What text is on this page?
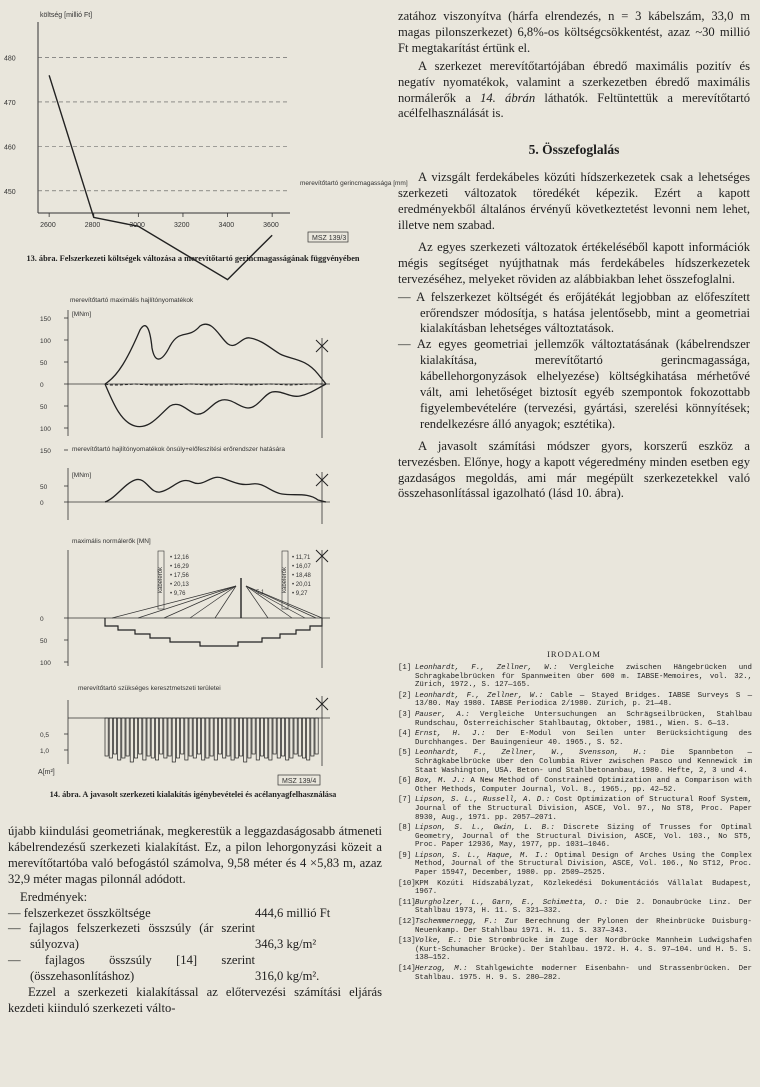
költség [millió Ft]
480
470
460
450
2600	2800	3000	3200	3400	3600
merevítőtartó gerincmagassága [mm]
MSZ 139/3
13. ábra. Felszerkezeti költségek változása a merevítőtartó gerincmagasságának függvényében
merevítőtartó maximális hajlítónyomatékok
[MNm]
150
100
50
0
50
100
150	merevítőtartó hajlítónyomatékok önsúly+előfeszítési erőrendszer hatására
[MNm]
50
0
maximális normálerők [MN]
0
50
100
kábelerők	kábelerők
• 12,16
• 16,29
• 17,56
• 20,13
• 9,76
• 11,71
• 16,07
• 18,48
• 20,01
• 9,27
5,1
merevítőtartó szükséges keresztmetszeti területei
0,5
1,0
A[m²]
MSZ 139/4
14. ábra. A javasolt szerkezeti kialakítás igénybevételei és acélanyagfelhasználása

újabb kiindulási geometriának, megkerestük a leggazdaságosabb átmeneti kábelrendezésű szerkezeti kialakítást. Ez, a pilon lehorgonyzási közeit a merevítőtartóba való befogástól számolva, 9,58 méter és 4 ×5,83 m, azaz 32,9 méter magas pilonnál adódott.

Eredmények:
— felszerkezet összköltsége	444,6 millió Ft
— fajlagos felszerkezeti összsúly (ár szerint súlyozva)	346,3 kg/m²
— fajlagos összsúly [14] szerint (összehasonlításhoz)	316,0 kg/m².

Ezzel a szerkezeti kialakítással az előtervezési számítási eljárás kezdeti kiinduló szerkezeti válto-

zatához viszonyítva (hárfa elrendezés, n = 3 kábelszám, 33,0 m magas pilonszerkezet) 6,8%-os költségcsökkentést, azaz ~30 millió Ft megtakarítást értünk el.

A szerkezet merevítőtartójában ébredő maximális pozitív és negatív nyomatékok, valamint a szerkezetben ébredő maximális normálerők a 14. ábrán láthatók. Feltüntettük a merevítőtartó acélfelhasználását is.

5. Összefoglalás

A vizsgált ferdekábeles közúti hídszerkezetek csak a lehetséges szerkezeti változatok töredékét képezik. Ezért a kapott eredményekből általános érvényű következtetést levonni nem lehet, illetve nem szabad.

Az egyes szerkezeti változatok értékeléséből kapott információk mégis segítséget nyújthatnak más ferdekábeles hídszerkezetek tervezéséhez, melyeket röviden az alábbiakban lehet összefoglalni.

— A felszerkezet költségét és erőjátékát legjobban az előfeszített erőrendszer módosítja, s hatása jelentősebb, mint a geometriai kialakításban lehetséges változtatások.
— Az egyes geometriai jellemzők változtatásának (kábelrendszer kialakítása, merevítőtartó gerincmagassága, kábellehorgonyzások elhelyezése) költségkihatása mérhetővé vált, ami lehetőséget biztosít egyéb szempontok fokozottabb figyelembevételére (tervezési, gyártási, szerelési könnyítések; rendelkezésre álló anyagok; esztétika).

A javasolt számítási módszer gyors, korszerű eszköz a tervezésben. Előnye, hogy a kapott végeredmény minden esetben egy gazdaságos megoldás, ami már megépült szerkezetekkel való összehasonlítással igazolható (lásd 10. ábra).

IRODALOM
[1] Leonhardt, F., Zellner, W.: Vergleiche zwischen Hängebrücken und Schragkabelbrücken für Spannweiten über 600 m. IABSE-Memoires, vol. 32., Zürich, 1972., S. 127—165.
[2] Leonhardt, F., Zellner, W.: Cable — Stayed Bridges. IABSE Surveys S — 13/80. May 1980. IABSE Periodica 2/1980. Zürich, p. 21—48.
[3] Pauser, A.: Vergleiche Untersuchungen an Schrägseilbrücken, Stahlbau Rundschau, Österreichischer Stahlbautag, Oktober, 1981., Wien. S. 6—13.
[4] Ernst, H. J.: Der E-Modul von Seilen unter Berücksichtigung des Durchhanges. Der Bauingenieur 40. 1965., S. 52.
[5] Leonhardt, F., Zellner, W., Svensson, H.: Die Spannbeton — Schrägkabelbrücke über den Columbia River zwischen Pasco und Kennewick im Staat Washington, USA. Beton- und Stahlbetonanbau, 1980. Hefte, 2, 3 und 4.
[6] Box, M. J.: A New Method of Constrained Optimization and a Comparison with Other Methods, Computer Journal, Vol. 8., 1965., pp. 42—52.
[7] Lipson, S. L., Russell, A. D.: Cost Optimization of Structural Roof System, Journal of the Structural Division, ASCE, Vol. 97., No ST8, Proc. Paper 8930, Aug., 1971. pp. 2057—2071.
[8] Lipson, S. L., Gwin, L. B.: Discrete Sizing of Trusses for Optimal Geometry, Journal of the Structural Division, ASCE, Vol. 103., No ST5, Proc. Paper 12936, May, 1977, pp. 1031—1046.
[9] Lipson, S. L., Haque, M. I.: Optimal Design of Arches Using the Complex Method, Journal of the Structural Division, ASCE, Vol. 106., No ST12, Proc. Paper 15947, December, 1980. pp. 2509—2525.
[10] KPM Közúti Hídszabályzat, Közlekedési Dokumentációs Vállalat Budapest, 1967.
[11] Burgholzer, L., Garn, E., Schimetta, O.: Die 2. Donaubrücke Linz. Der Stahlbau 1973, H. 11. S. 321—332.
[12] Tschemmernegg, F.: Zur Berechnung der Pylonen der Rheinbrücke Duisburg-Neuenkamp. Der Stahlbau 1971. H. 11. S. 337—343.
[13] Volke, E.: Die Strombrücke im Zuge der Nordbrücke Mannheim Ludwigshafen (Kurt-Schumacher Brücke). Der Stahlbau. 1972. H. 4. S. 97—104. und H. 5. S. 138—152.
[14] Herzog, M.: Stahlgewichte moderner Eisenbahn- und Strassenbrücken. Der Stahlbau. 1975. H. 9. S. 280—282.
